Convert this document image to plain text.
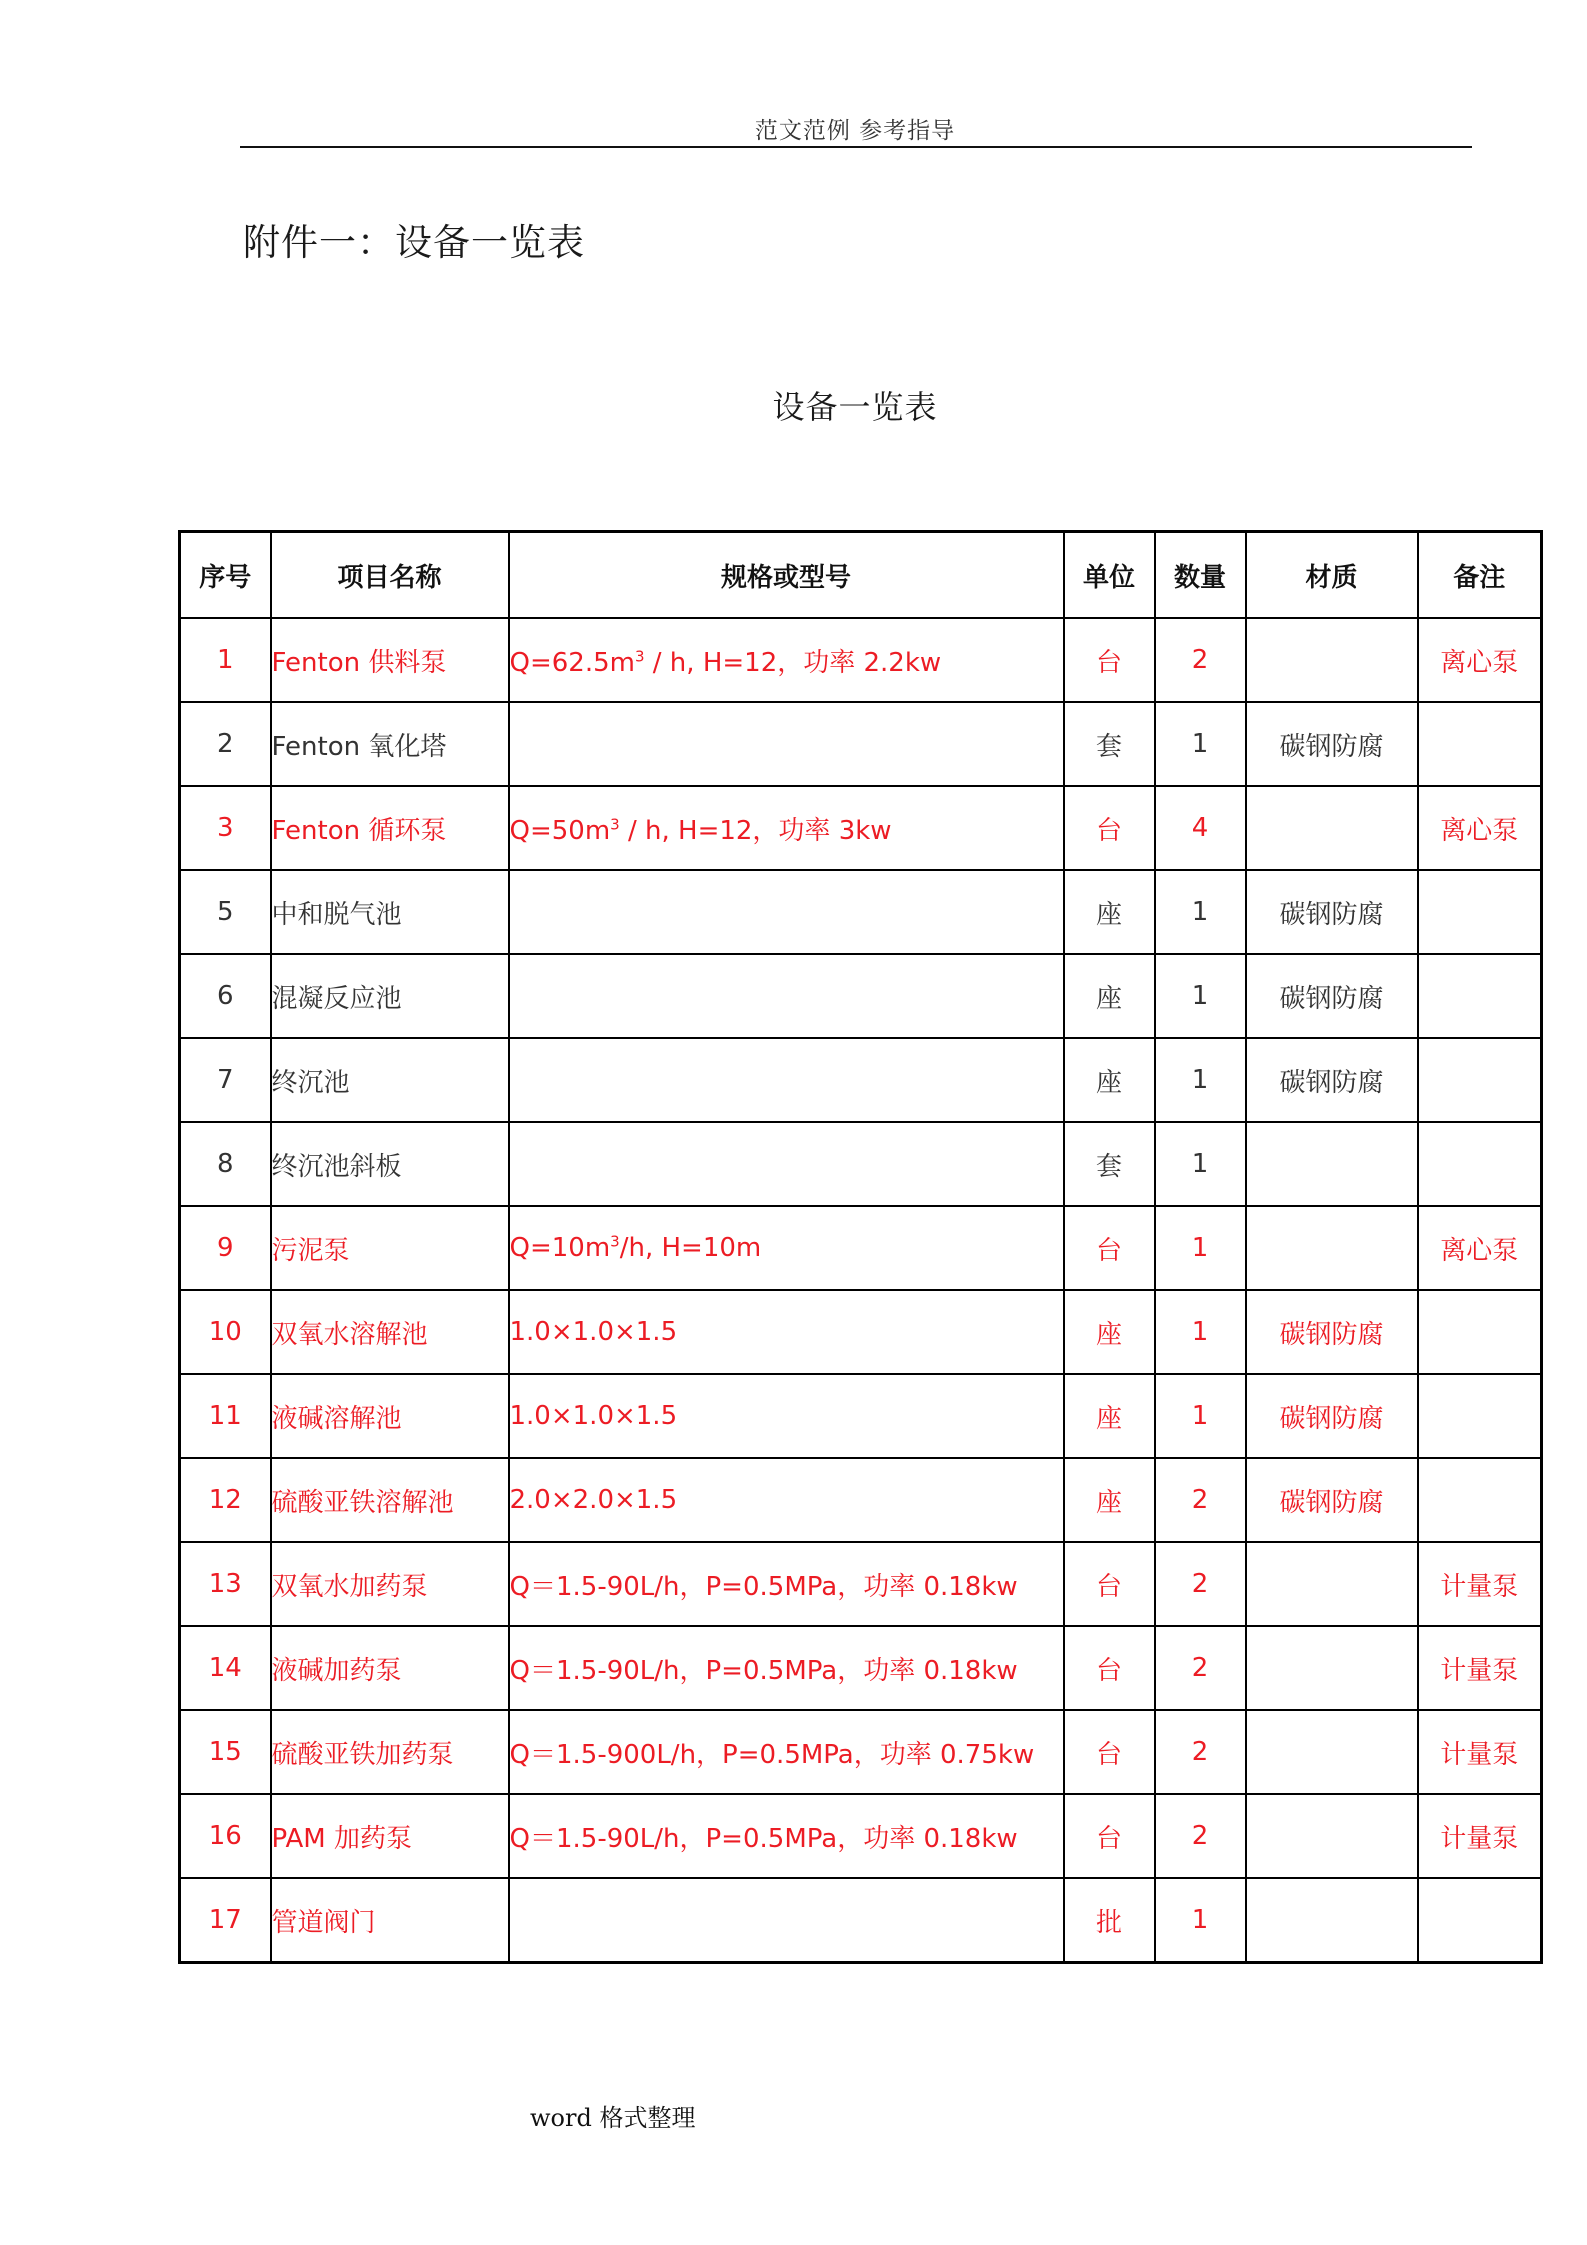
范文范例 参考指导
附件一：设备一览表
设备一览表
序号	项目名称	规格或型号	单位	数量	材质	备注
1	Fenton 供料泵	$Q=62.5m^3 / h$, H=12，功率 2.2kw	台	2		离心泵
2	Fenton 氧化塔		套	1	碳钢防腐	
3	Fenton 循环泵	$Q=50m^3 / h$, H=12，功率 3kw	台	4		离心泵
5	中和脱气池		座	1	碳钢防腐	
6	混凝反应池		座	1	碳钢防腐	
7	终沉池		座	1	碳钢防腐	
8	终沉池斜板		套	1		
9	污泥泵	$Q=10m^3/h$, H=10m	台	1		离心泵
10	双氧水溶解池	1.0×1.0×1.5	座	1	碳钢防腐	
11	液碱溶解池	1.0×1.0×1.5	座	1	碳钢防腐	
12	硫酸亚铁溶解池	2.0×2.0×1.5	座	2	碳钢防腐	
13	双氧水加药泵	Q＝1.5-90L/h，P=0.5MPa，功率 0.18kw	台	2		计量泵
14	液碱加药泵	Q＝1.5-90L/h，P=0.5MPa，功率 0.18kw	台	2		计量泵
15	硫酸亚铁加药泵	Q＝1.5-900L/h，P=0.5MPa，功率 0.75kw	台	2		计量泵
16	PAM 加药泵	Q＝1.5-90L/h，P=0.5MPa，功率 0.18kw	台	2		计量泵
17	管道阀门		批	1		
word 格式整理
